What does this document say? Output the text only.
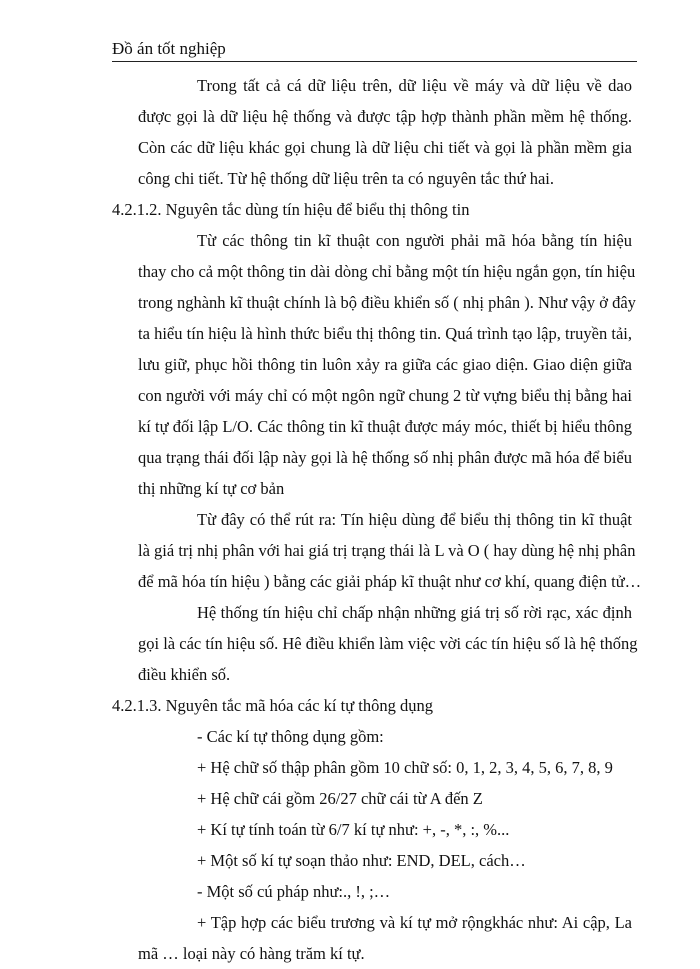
Đồ án tốt nghiệp
Trong tất cả cá dữ liệu trên, dữ liệu về máy và dữ liệu về dao
được gọi là dữ liệu hệ thống và được tập hợp thành phần mềm hệ thống.
Còn các dữ liệu khác gọi chung là dữ liệu chi tiết và gọi là phần mềm gia
công chi tiết. Từ hệ thống dữ liệu trên ta có nguyên tắc thứ hai.
4.2.1.2. Nguyên tắc dùng tín hiệu để biểu thị thông tin
Từ các thông tin kĩ thuật con người phải mã hóa bằng tín hiệu
thay cho cả một thông tin dài dòng chỉ bằng một tín hiệu ngắn gọn, tín hiệu
trong nghành kĩ thuật chính là bộ điều khiển số ( nhị phân ). Như vậy ở đây
ta hiểu tín hiệu là hình thức biểu thị thông tin. Quá trình tạo lập, truyền tải,
lưu giữ, phục hồi thông tin luôn xảy ra giữa các giao diện. Giao diện giữa
con người với máy chỉ có một ngôn ngữ chung 2 từ vựng biểu thị bằng hai
kí tự đối lập L/O. Các thông tin kĩ thuật được máy móc, thiết bị hiểu thông
qua trạng thái đối lập này gọi là hệ thống số nhị phân được mã hóa để biểu
thị những kí tự cơ bản
Từ đây có thể rút ra: Tín hiệu dùng để biểu thị thông tin kĩ thuật
là giá trị nhị phân với hai giá trị trạng thái là L và O ( hay dùng hệ nhị phân
để mã hóa tín hiệu ) bằng các giải pháp kĩ thuật như cơ khí, quang điện tử…
Hệ thống tín hiệu chỉ chấp nhận những giá trị số rời rạc, xác định
gọi là các tín hiệu số. Hê điều khiển làm việc vời các tín hiệu số là hệ thống
điều khiển số.
4.2.1.3. Nguyên tắc mã hóa các kí tự thông dụng
- Các kí tự thông dụng gồm:
+ Hệ chữ số thập phân gồm 10 chữ số: 0, 1, 2, 3, 4, 5, 6, 7, 8, 9
+ Hệ chữ cái gồm 26/27 chữ cái từ A đến Z
+ Kí tự tính toán từ 6/7 kí tự như: +, -, *, :, %...
+ Một số kí tự soạn thảo như: END, DEL, cách…
- Một số cú pháp như:., !, ;…
+ Tập hợp các biểu trương và kí tự mở rộngkhác như: Ai cập, La
mã … loại này có hàng trăm kí tự.
